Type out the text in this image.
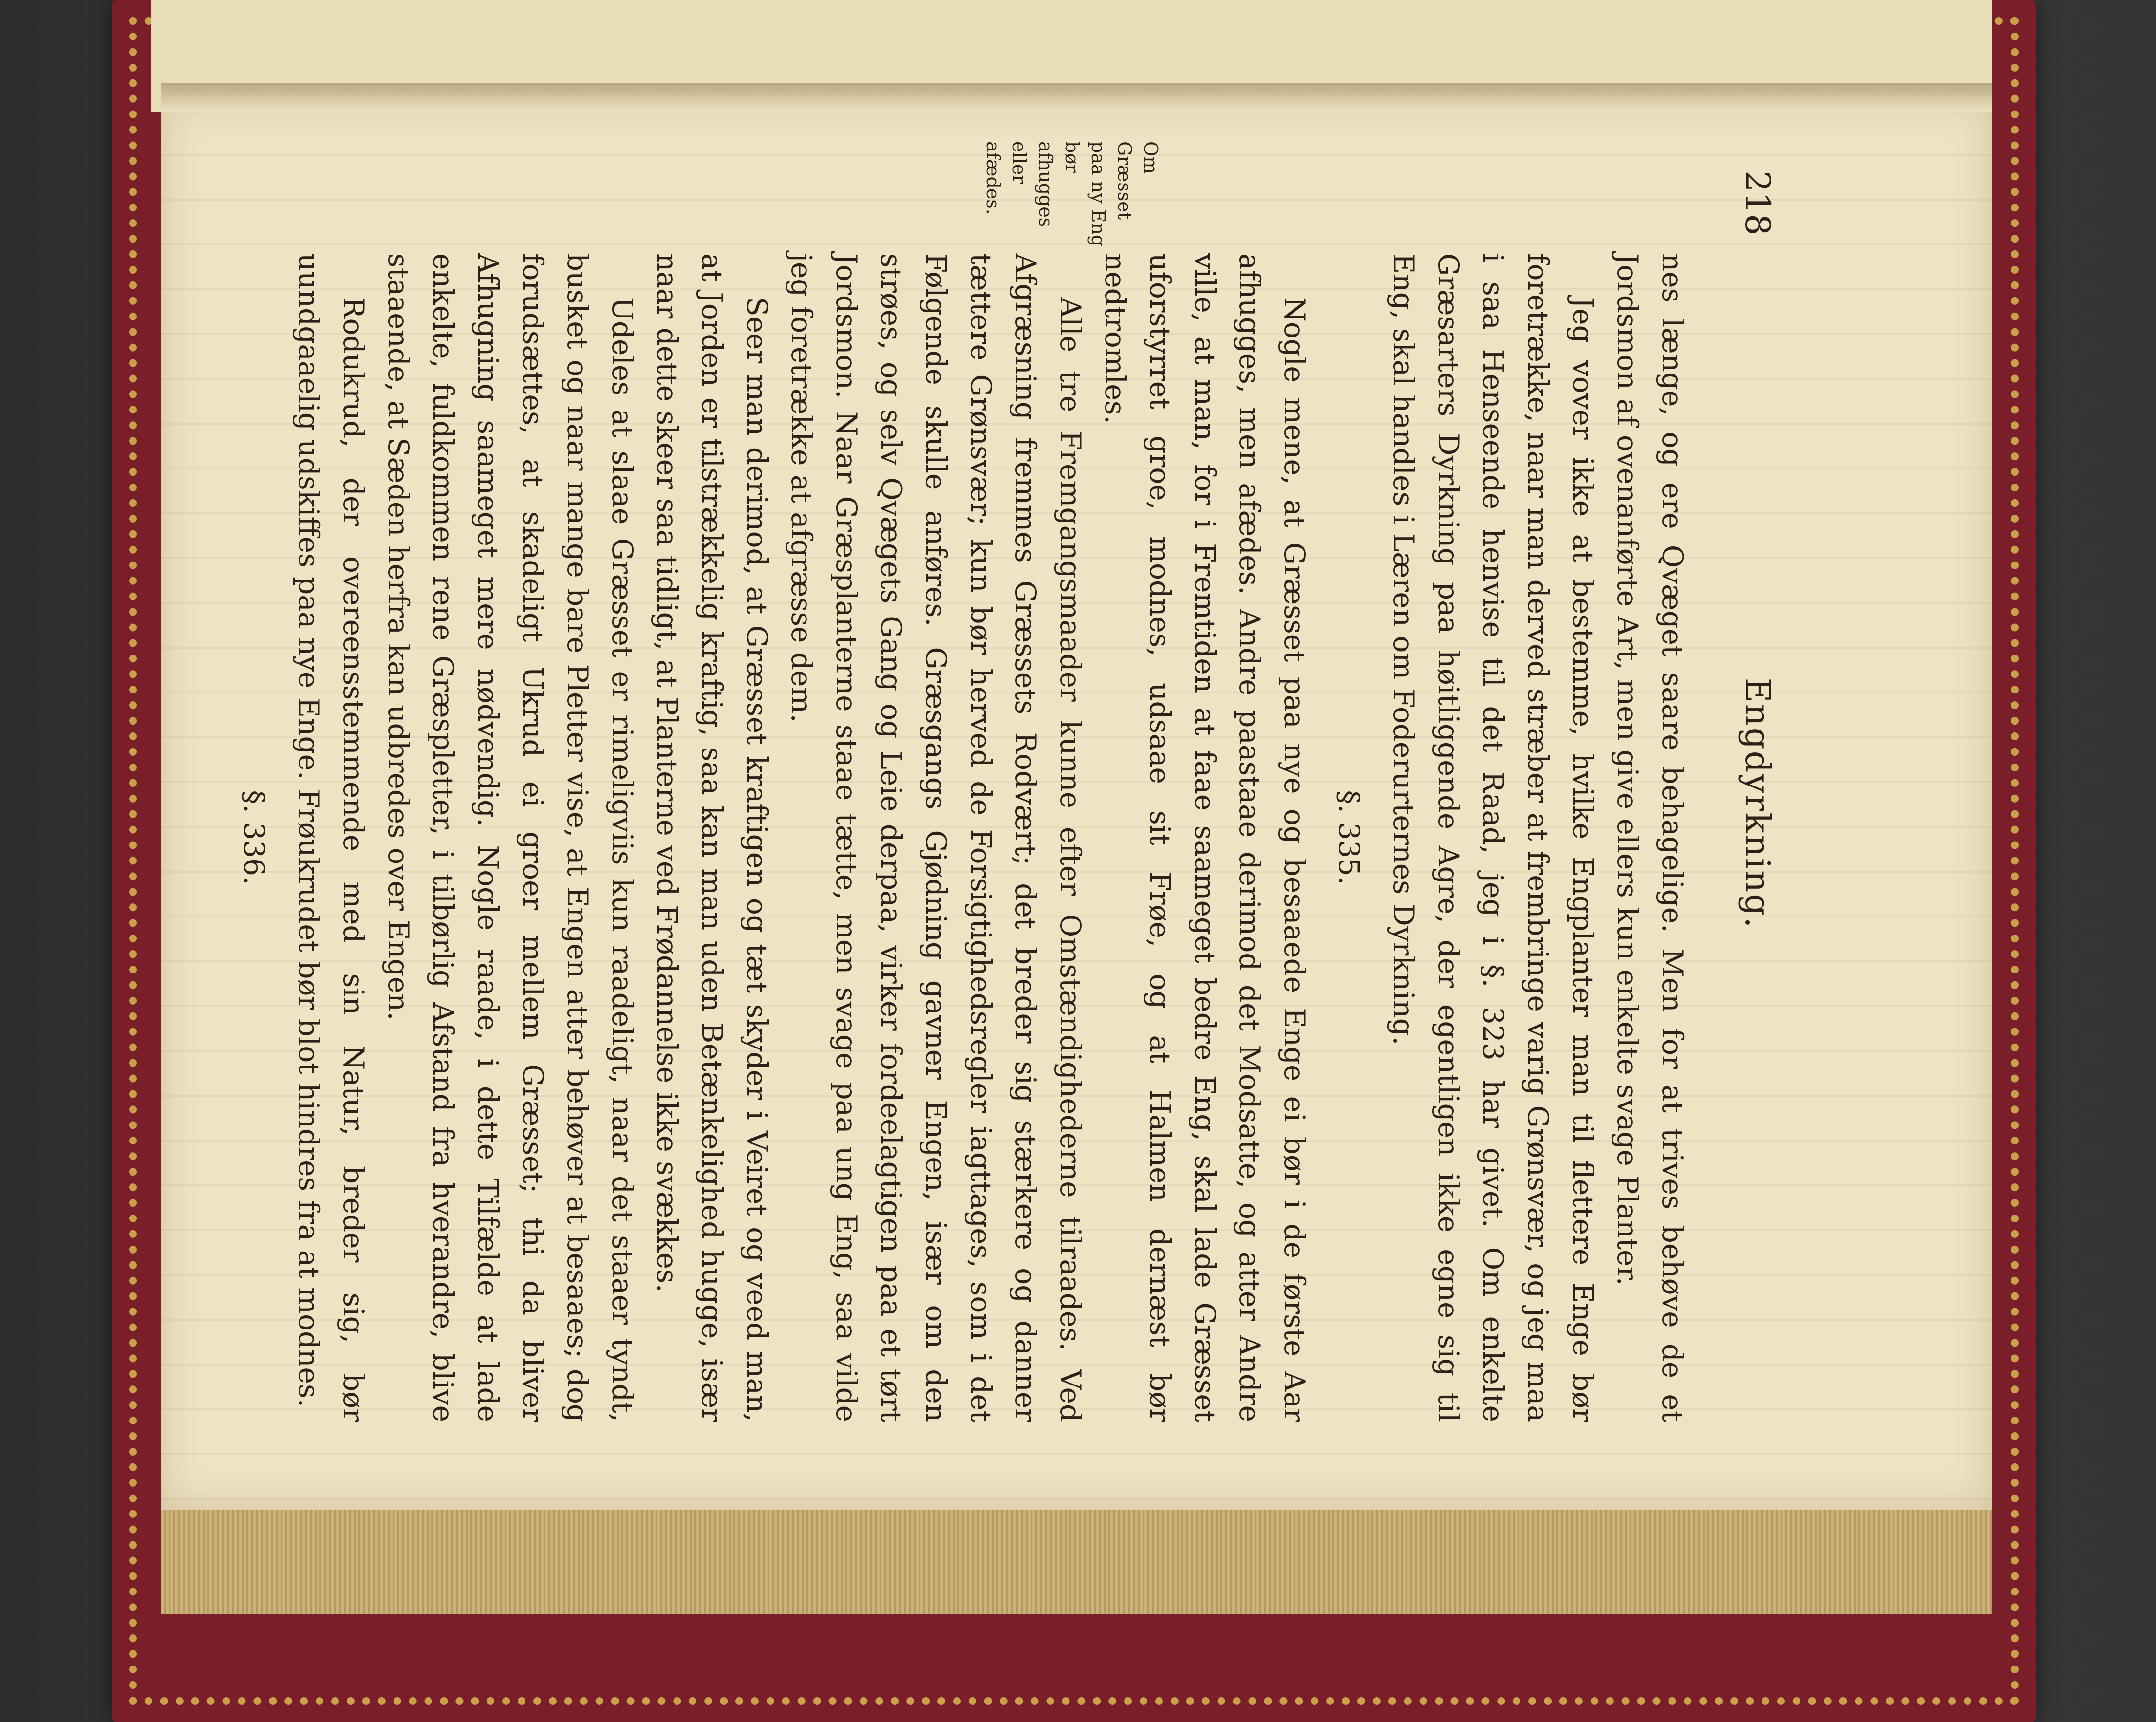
218
Engdyrkning.
Om Græsset paa ny Eng bør afhugges eller afædes.

nes længe, og ere Qvæget saare behagelige. Men for at trives behøve de et Jordsmon af ovenanførte Art, men give ellers kun enkelte svage Planter.

Jeg vover ikke at bestemme, hvilke Engplanter man til flettere Enge bør foretrække, naar man derved stræber at frembringe varig Grønsvær, og jeg maa i saa Henseende henvise til det Raad, jeg i §. 323 har givet. Om enkelte Græsarters Dyrkning paa høitliggende Agre, der egentligen ikke egne sig til Eng, skal handles i Læren om Foderurternes Dyrkning.

§. 335.

Nogle mene, at Græsset paa nye og besaaede Enge ei bør i de første Aar afhugges, men afædes. Andre paastaae derimod det Modsatte, og atter Andre ville, at man, for i Fremtiden at faae saameget bedre Eng, skal lade Græsset uforstyrret groe, modnes, udsaae sit Frøe, og at Halmen dernæst bør nedtromles.

Alle tre Fremgangsmaader kunne efter Omstændighederne tilraades. Ved Afgræsning fremmes Græssets Rodvært; det breder sig stærkere og danner tættere Grønsvær; kun bør herved de Forsigtighedsregler iagttages, som i det Følgende skulle anføres. Græsgangs Gjødning gavner Engen, især om den strøes, og selv Qvægets Gang og Leie derpaa, virker fordeelagtigen paa et tørt Jordsmon. Naar Græsplanterne staae tætte, men svage paa ung Eng, saa vilde jeg foretrække at afgræsse dem.

Seer man derimod, at Græsset kraftigen og tæt skyder i Veiret og veed man, at Jorden er tilstrækkelig kraftig, saa kan man uden Betænkelighed hugge, især naar dette skeer saa tidligt, at Planterne ved Frødannelse ikke svækkes.

Udeles at slaae Græsset er rimeligviis kun raadeligt, naar det staaer tyndt, busket og naar mange bare Pletter vise, at Engen atter behøver at besaaes; dog forudsættes, at skadeligt Ukrud ei groer mellem Græsset; thi da bliver Afhugning saameget mere nødvendig. Nogle raade, i dette Tilfælde at lade enkelte, fuldkommen rene Græspletter, i tilbørlig Afstand fra hverandre, blive staaende, at Sæden herfra kan udbredes over Engen.

Rodukrud, der overeensstemmende med sin Natur, breder sig, bør uundgaaelig udskiffes paa nye Enge. Frøukrudet bør blot hindres fra at modnes.

§. 336.
